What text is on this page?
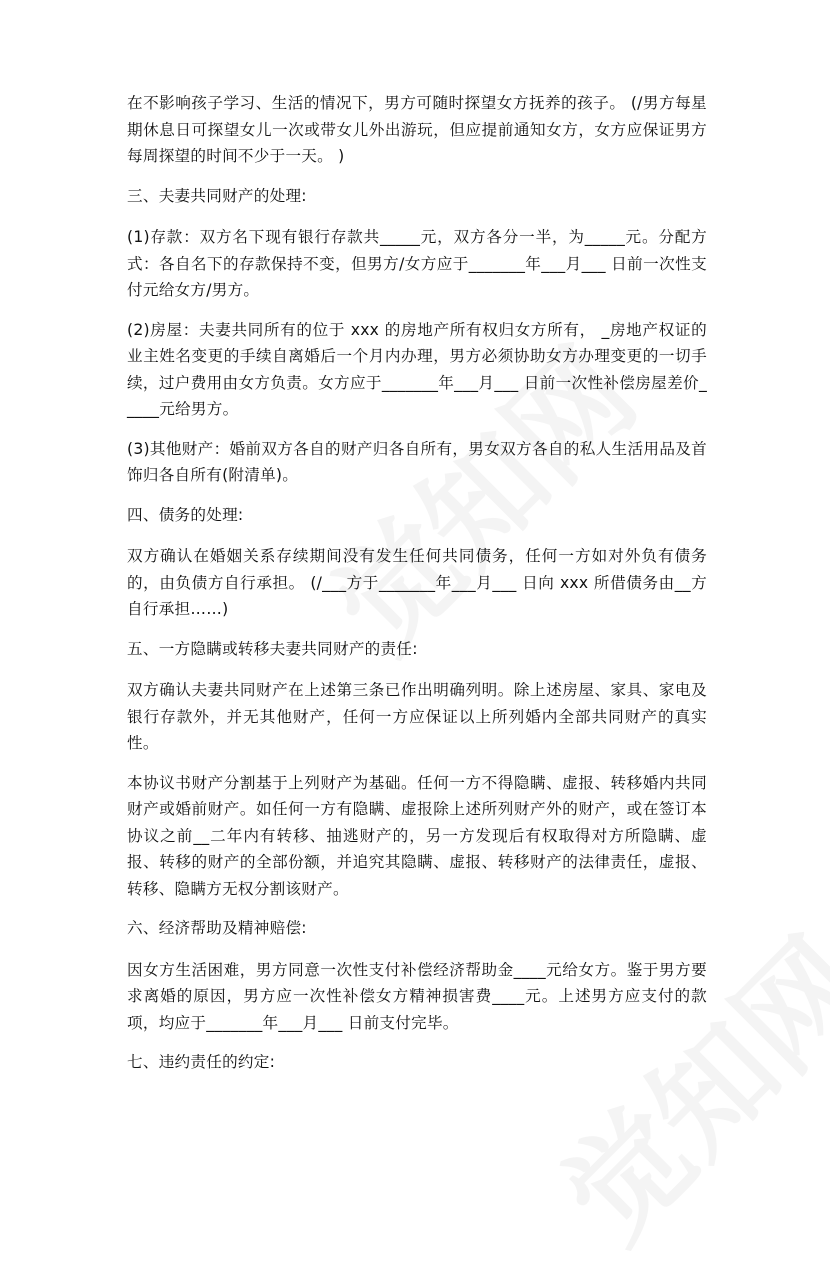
在不影响孩子学习、生活的情况下，男方可随时探望女方抚养的孩子。 (/男方每星期休息日可探望女儿一次或带女儿外出游玩，但应提前通知女方，女方应保证男方每周探望的时间不少于一天。 )

三、夫妻共同财产的处理:

(1)存款：双方名下现有银行存款共_____元，双方各分一半，为_____元。分配方式：各自名下的存款保持不变，但男方/女方应于_______年___月___ 日前一次性支付元给女方/男方。

(2)房屋：夫妻共同所有的位于 xxx 的房地产所有权归女方所有， _房地产权证的业主姓名变更的手续自离婚后一个月内办理，男方必须协助女方办理变更的一切手续，过户费用由女方负责。女方应于_______年___月___ 日前一次性补偿房屋差价_____元给男方。

(3)其他财产：婚前双方各自的财产归各自所有，男女双方各自的私人生活用品及首饰归各自所有(附清单)。

四、债务的处理:

双方确认在婚姻关系存续期间没有发生任何共同债务，任何一方如对外负有债务的，由负债方自行承担。 (/___方于_______年___月___ 日向 xxx 所借债务由__方自行承担……)

五、一方隐瞒或转移夫妻共同财产的责任:

双方确认夫妻共同财产在上述第三条已作出明确列明。除上述房屋、家具、家电及银行存款外，并无其他财产，任何一方应保证以上所列婚内全部共同财产的真实性。

本协议书财产分割基于上列财产为基础。任何一方不得隐瞒、虚报、转移婚内共同财产或婚前财产。如任何一方有隐瞒、虚报除上述所列财产外的财产，或在签订本协议之前__二年内有转移、抽逃财产的，另一方发现后有权取得对方所隐瞒、虚报、转移的财产的全部份额，并追究其隐瞒、虚报、转移财产的法律责任，虚报、转移、隐瞒方无权分割该财产。

六、经济帮助及精神赔偿:

因女方生活困难，男方同意一次性支付补偿经济帮助金____元给女方。鉴于男方要求离婚的原因，男方应一次性补偿女方精神损害费____元。上述男方应支付的款项，均应于_______年___月___ 日前支付完毕。

七、违约责任的约定:
